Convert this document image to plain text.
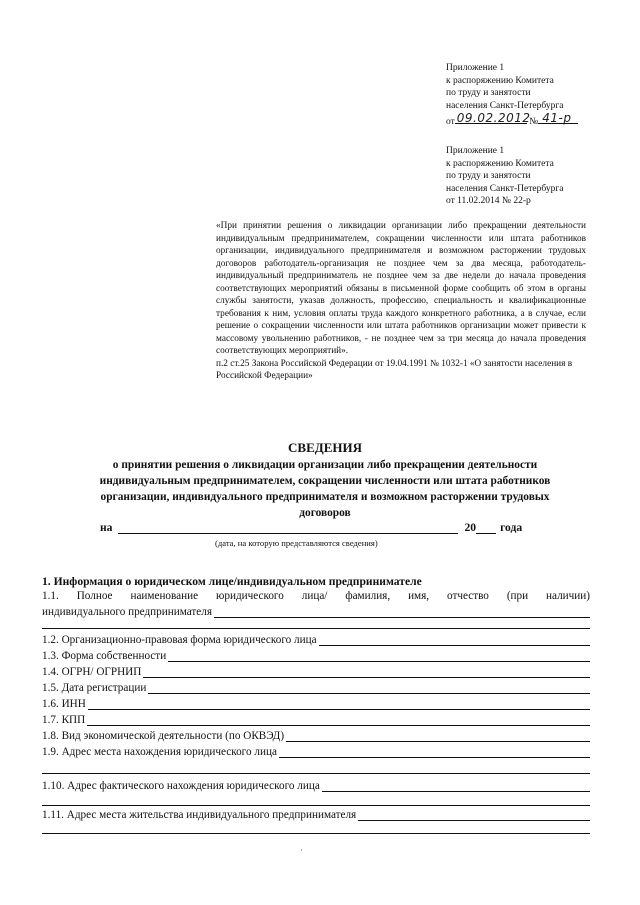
Приложение 1
к распоряжению Комитета
по труду и занятости
населения Санкт-Петербурга
от 09.02.2012
№ 41-р
Приложение 1
к распоряжению Комитета
по труду и занятости
населения Санкт-Петербурга
от 11.02.2014 № 22-р

«При принятии решения о ликвидации организации либо прекращении деятельности индивидуальным предпринимателем, сокращении численности или штата работников организации, индивидуального предпринимателя и возможном расторжении трудовых договоров работодатель-организация не позднее чем за два месяца, работодатель- индивидуальный предприниматель не позднее чем за две недели до начала проведения соответствующих мероприятий обязаны в письменной форме сообщить об этом в органы службы занятости, указав должность, профессию, специальность и квалификационные требования к ним, условия оплаты труда каждого конкретного работника, а в случае, если решение о сокращении численности или штата работников организации может привести к массовому увольнению работников, - не позднее чем за три месяца до начала проведения соответствующих мероприятий».

п.2 ст.25 Закона Российской Федерации от 19.04.1991 № 1032-1 «О занятости населения в Российской Федерации»

СВЕДЕНИЯ
о принятии решения о ликвидации организации либо прекращении деятельности
индивидуальным предпринимателем, сокращении численности или штата работников
организации, индивидуального предпринимателя и возможном расторжении трудовых
договоров
на	20 года
(дата, на которую представляются сведения)
1. Информация о юридическом лице/индивидуальном предпринимателе
1.1. Полное наименование юридического лица/ фамилия, имя, отчество (при наличии)
индивидуального предпринимателя
1.2. Организационно-правовая форма юридического лица
1.3. Форма собственности
1.4. ОГРН/ ОГРНИП
1.5. Дата регистрации
1.6. ИНН
1.7. КПП
1.8. Вид экономической деятельности (по ОКВЭД)
1.9. Адрес места нахождения юридического лица
1.10. Адрес фактического нахождения юридического лица
1.11. Адрес места жительства индивидуального предпринимателя
·
